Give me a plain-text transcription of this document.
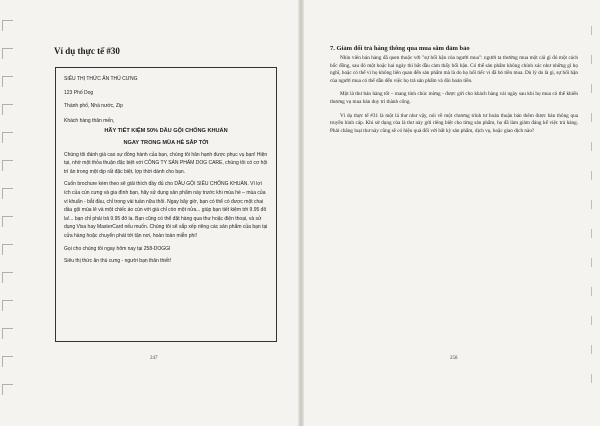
Ví dụ thực tế #30

SIÊU THỊ THỨC ĂN THÚ CƯNG

123 Phố Dog

Thành phố, Nhà nước, Zip

Khách hàng thân mến,

HÃY TIẾT KIỆM 50% DẦU GỘI CHỐNG KHUẨN
NGAY TRONG MÙA HÈ SẮP TỚI

Chúng tôi đánh giá cao sự đồng hành của bạn, chúng tôi hân hạnh được phục vụ bạn! Hiện tại, nhờ một thỏa thuận đặc biệt với CÔNG TY SẢN PHẨM DOG CARE, chúng tôi có cơ hội trì ân trong một dịp rất đặc biệt, lợp thời dành cho bạn.

Cuốn brochure kèm theo sẽ giải thích đầy đủ cho DẦU GỘI SIÊU CHỐNG KHUẨN. Vì lợi ích của cún cưng và gia đình bạn, hãy sử dụng sản phẩm này trước khi mùa hè – mùa của vi khuẩn - bắt đầu, chỉ trong vài tuần nữa thôi. Ngay bây giờ, bạn có thể có được một chai dầu gội mùa lẻ và một chiếc áo cún với giá chỉ còn một nửa... giúp bạn tiết kiệm tới 9.95 đô la!... bạn chỉ phải trả 9.95 đô la. Bạn cũng có thể đặt hàng qua thư hoặc điện thoại, và sử dụng Visa hay MasterCard nếu muốn. Chúng tôi sẽ sắp xếp riêng các sản phẩm của bạn tại cửa hàng hoặc chuyển phát tới tận nơi, hoàn toàn miễn phí!

Gọi cho chúng tôi ngay hôm nay tại 258-DOGGI

Siêu thị thức ăn thú cưng - người bạn thân thiết!

247
7. Giảm đối trả hàng thông qua mua sắm đảm bảo

Nhìn viên bán hàng đã quen thuộc với "sự hối hận của người mua": người ta thường mua một cái gì đó một cách bốc đồng, sau đó một hoặc hai ngày thì bắt đầu cảm thấy hối hận. Có thể sản phẩm không chính xác như những gì họ nghĩ, hoặc có thể vì họ không liên quan đến sản phẩm mà là do họ hối tiếc vì đã bỏ tiền mua. Dù lý do là gì, sự hối hận của người mua có thể dẫn đến việc họ trả sản phẩm và đòi hoàn tiền.

Một lá thư bán hàng tốt – mang tính chúc mừng - được gửi cho khách hàng vài ngày sau khi họ mua có thể khiến thương vụ mua bán duy trì thành công.

Ví dụ thực tế #31 là một lá thư như vậy, nói về một chương trình tư hoàn thuận bán thêm được bán thông qua truyền hình cáp. Khi sử dụng của lá thư này gửi riêng biệt cho từng sản phẩm, họ đã làm giảm đáng kể việc trả hàng. Phải chăng loại thư này cũng sẽ có hiệu quả đối với bất kỳ sản phẩm, dịch vụ, hoặc giao dịch nào?

258
